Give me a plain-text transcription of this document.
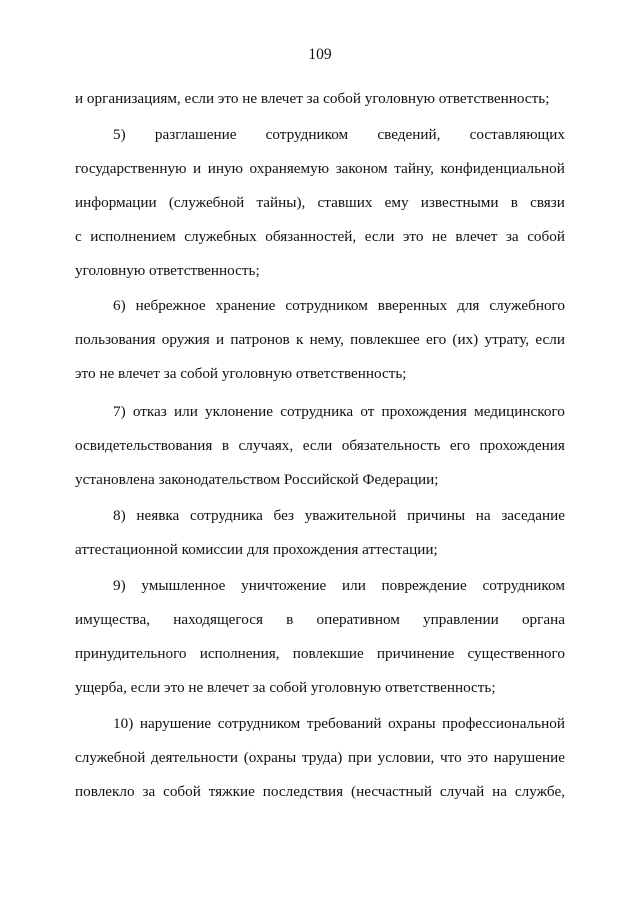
109
и организациям, если это не влечет за собой уголовную ответственность;
5) разглашение сотрудником сведений, составляющих
государственную и иную охраняемую законом тайну, конфиденциальной
информации (служебной тайны), ставших ему известными в связи
с исполнением служебных обязанностей, если это не влечет за собой
уголовную ответственность;
6) небрежное хранение сотрудником вверенных для служебного
пользования оружия и патронов к нему, повлекшее его (их) утрату, если
это не влечет за собой уголовную ответственность;
7) отказ или уклонение сотрудника от прохождения медицинского
освидетельствования в случаях, если обязательность его прохождения
установлена законодательством Российской Федерации;
8) неявка сотрудника без уважительной причины на заседание
аттестационной комиссии для прохождения аттестации;
9) умышленное уничтожение или повреждение сотрудником
имущества, находящегося в оперативном управлении органа
принудительного исполнения, повлекшие причинение существенного
ущерба, если это не влечет за собой уголовную ответственность;
10) нарушение сотрудником требований охраны профессиональной
служебной деятельности (охраны труда) при условии, что это нарушение
повлекло за собой тяжкие последствия (несчастный случай на службе,
